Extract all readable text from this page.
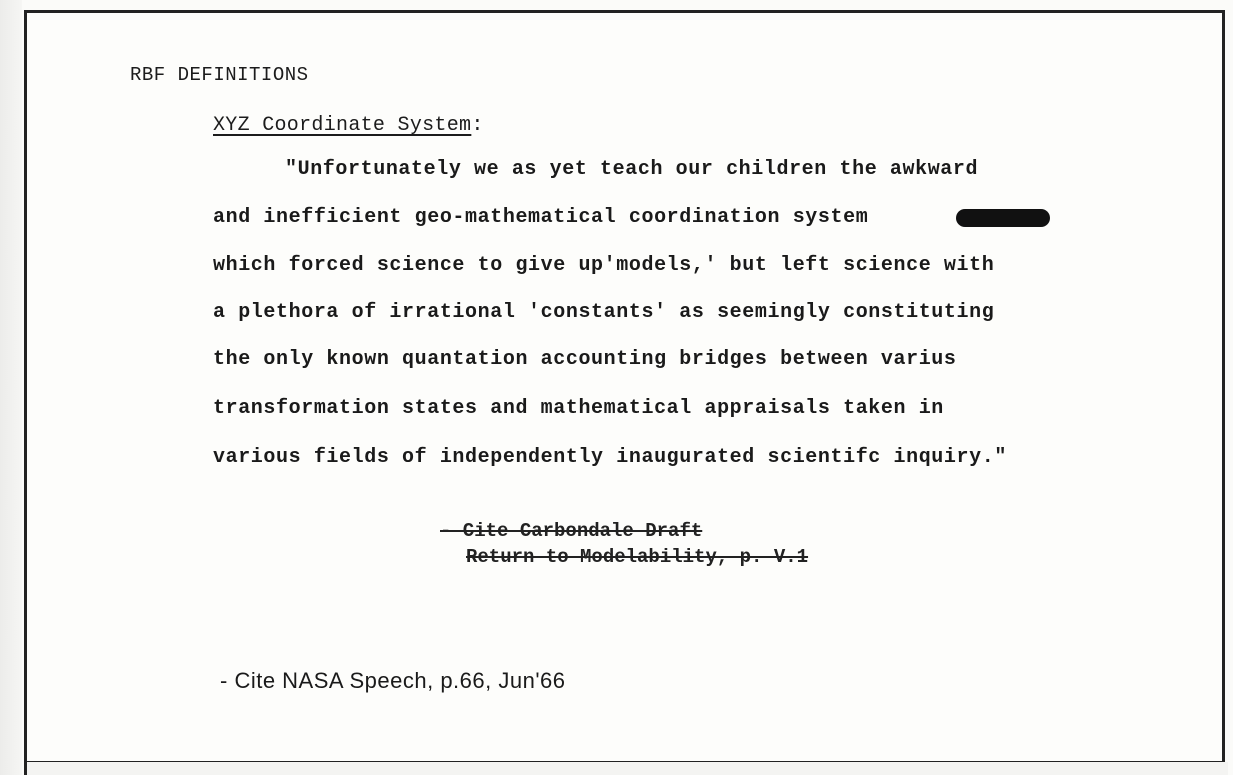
RBF DEFINITIONS
XYZ Coordinate System:
"Unfortunately we as yet teach our children the awkward
and inefficient geo-mathematical coordination system
which forced science to give up'models,' but left science with
a plethora of irrational 'constants' as seemingly constituting
the only known quantation accounting bridges between varius
transformation states and mathematical appraisals taken in
various fields of independently inaugurated scientifc inquiry."
- Cite Carbondale Draft
Return to Modelability, p. V.1
- Cite NASA Speech, p.66, Jun'66
